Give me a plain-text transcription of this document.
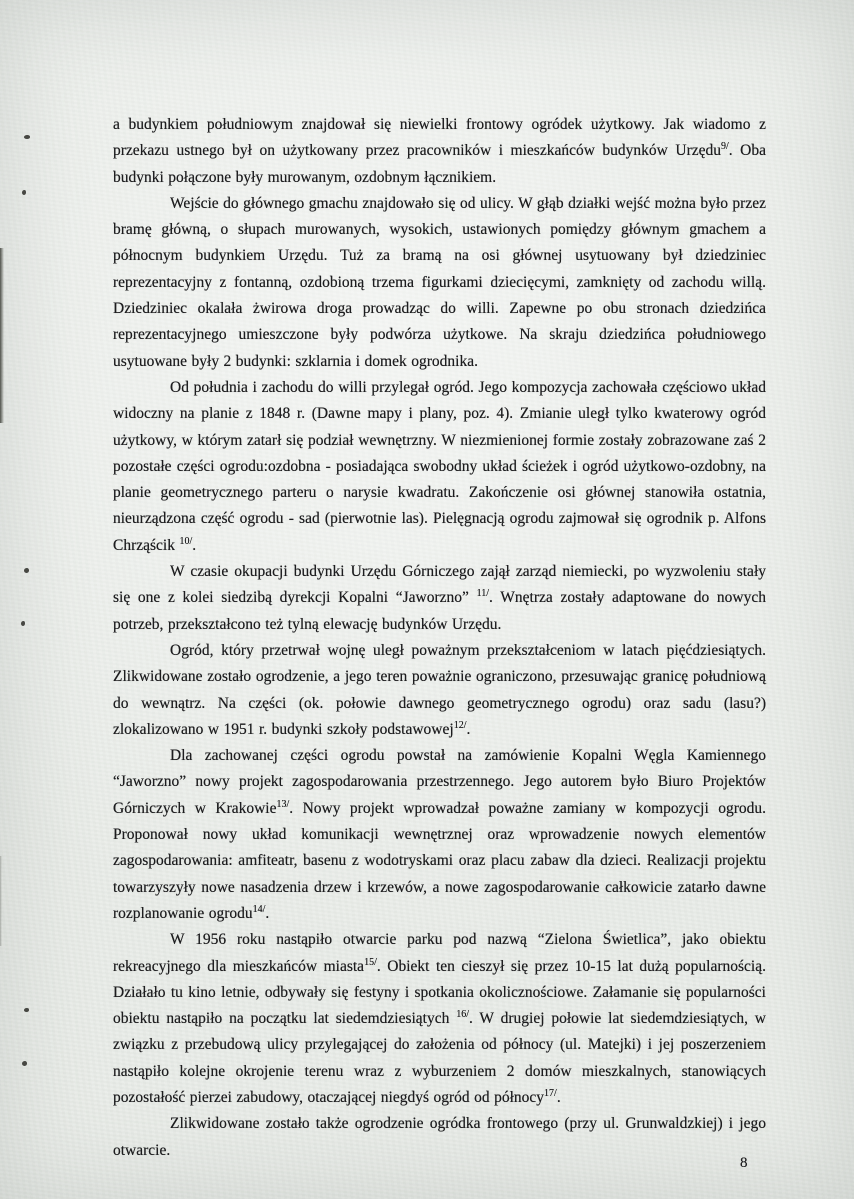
a budynkiem południowym znajdował się niewielki frontowy ogródek użytkowy. Jak wiadomo z przekazu ustnego był on użytkowany przez pracowników i mieszkańców budynków Urzędu$^{9/}$. Oba budynki połączone były murowanym, ozdobnym łącznikiem.

Wejście do głównego gmachu znajdowało się od ulicy. W głąb działki wejść można było przez bramę główną, o słupach murowanych, wysokich, ustawionych pomiędzy głównym gmachem a północnym budynkiem Urzędu. Tuż za bramą na osi głównej usytuowany był dziedziniec reprezentacyjny z fontanną, ozdobioną trzema figurkami dziecięcymi, zamknięty od zachodu willą. Dziedziniec okalała żwirowa droga prowadząc do willi. Zapewne po obu stronach dziedzińca reprezentacyjnego umieszczone były podwórza użytkowe. Na skraju dziedzińca południowego usytuowane były 2 budynki: szklarnia i domek ogrodnika.

Od południa i zachodu do willi przylegał ogród. Jego kompozycja zachowała częściowo układ widoczny na planie z 1848 r. (Dawne mapy i plany, poz. 4). Zmianie uległ tylko kwaterowy ogród użytkowy, w którym zatarł się podział wewnętrzny. W niezmienionej formie zostały zobrazowane zaś 2 pozostałe części ogrodu:ozdobna - posiadająca swobodny układ ścieżek i ogród użytkowo-ozdobny, na planie geometrycznego parteru o narysie kwadratu. Zakończenie osi głównej stanowiła ostatnia, nieurządzona część ogrodu - sad (pierwotnie las). Pielęgnacją ogrodu zajmował się ogrodnik p. Alfons Chrząścik $^{10/}$.

W czasie okupacji budynki Urzędu Górniczego zajął zarząd niemiecki, po wyzwoleniu stały się one z kolei siedzibą dyrekcji Kopalni “Jaworzno” $^{11/}$. Wnętrza zostały adaptowane do nowych potrzeb, przekształcono też tylną elewację budynków Urzędu.

Ogród, który przetrwał wojnę uległ poważnym przekształceniom w latach pięćdziesiątych. Zlikwidowane zostało ogrodzenie, a jego teren poważnie ograniczono, przesuwając granicę południową do wewnątrz. Na części (ok. połowie dawnego geometrycznego ogrodu) oraz sadu (lasu?) zlokalizowano w 1951 r. budynki szkoły podstawowej$^{12/}$.

Dla zachowanej części ogrodu powstał na zamówienie Kopalni Węgla Kamiennego “Jaworzno” nowy projekt zagospodarowania przestrzennego. Jego autorem było Biuro Projektów Górniczych w Krakowie$^{13/}$. Nowy projekt wprowadzał poważne zamiany w kompozycji ogrodu. Proponował nowy układ komunikacji wewnętrznej oraz wprowadzenie nowych elementów zagospodarowania: amfiteatr, basenu z wodotryskami oraz placu zabaw dla dzieci. Realizacji projektu towarzyszyły nowe nasadzenia drzew i krzewów, a nowe zagospodarowanie całkowicie zatarło dawne rozplanowanie ogrodu$^{14/}$.

W 1956 roku nastąpiło otwarcie parku pod nazwą “Zielona Świetlica”, jako obiektu rekreacyjnego dla mieszkańców miasta$^{15/}$. Obiekt ten cieszył się przez 10-15 lat dużą popularnością. Działało tu kino letnie, odbywały się festyny i spotkania okolicznościowe. Załamanie się popularności obiektu nastąpiło na początku lat siedemdziesiątych $^{16/}$. W drugiej połowie lat siedemdziesiątych, w związku z przebudową ulicy przylegającej do założenia od północy (ul. Matejki) i jej poszerzeniem nastąpiło kolejne okrojenie terenu wraz z wyburzeniem 2 domów mieszkalnych, stanowiących pozostałość pierzei zabudowy, otaczającej niegdyś ogród od północy$^{17/}$.

Zlikwidowane zostało także ogrodzenie ogródka frontowego (przy ul. Grunwaldzkiej) i jego otwarcie.

8
